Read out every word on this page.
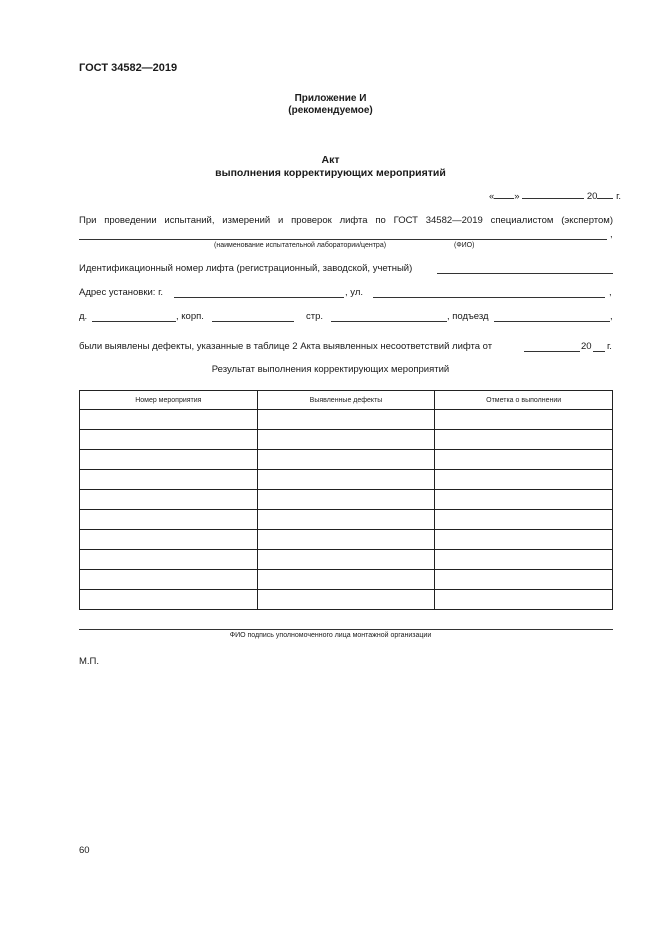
ГОСТ 34582—2019
Приложение И
(рекомендуемое)
Акт
выполнения корректирующих мероприятий
« »	20 г.
При проведении испытаний, измерений и проверок лифта по ГОСТ 34582—2019 специалистом (экспертом)
,
(наименование испытательной лаборатории/центра)	(ФИО)
Идентификационный номер лифта (регистрационный, заводской, учетный)
Адрес установки: г.	, ул.	,
д.	, корп.	стр.	, подъезд	,
были выявлены дефекты, указанные в таблице 2 Акта выявленных несоответствий лифта от	20 г.
Результат выполнения корректирующих мероприятий
Номер мероприятия	Выявленные дефекты	Отметка о выполнении

ФИО подпись уполномоченного лица монтажной организации
М.П.
60
